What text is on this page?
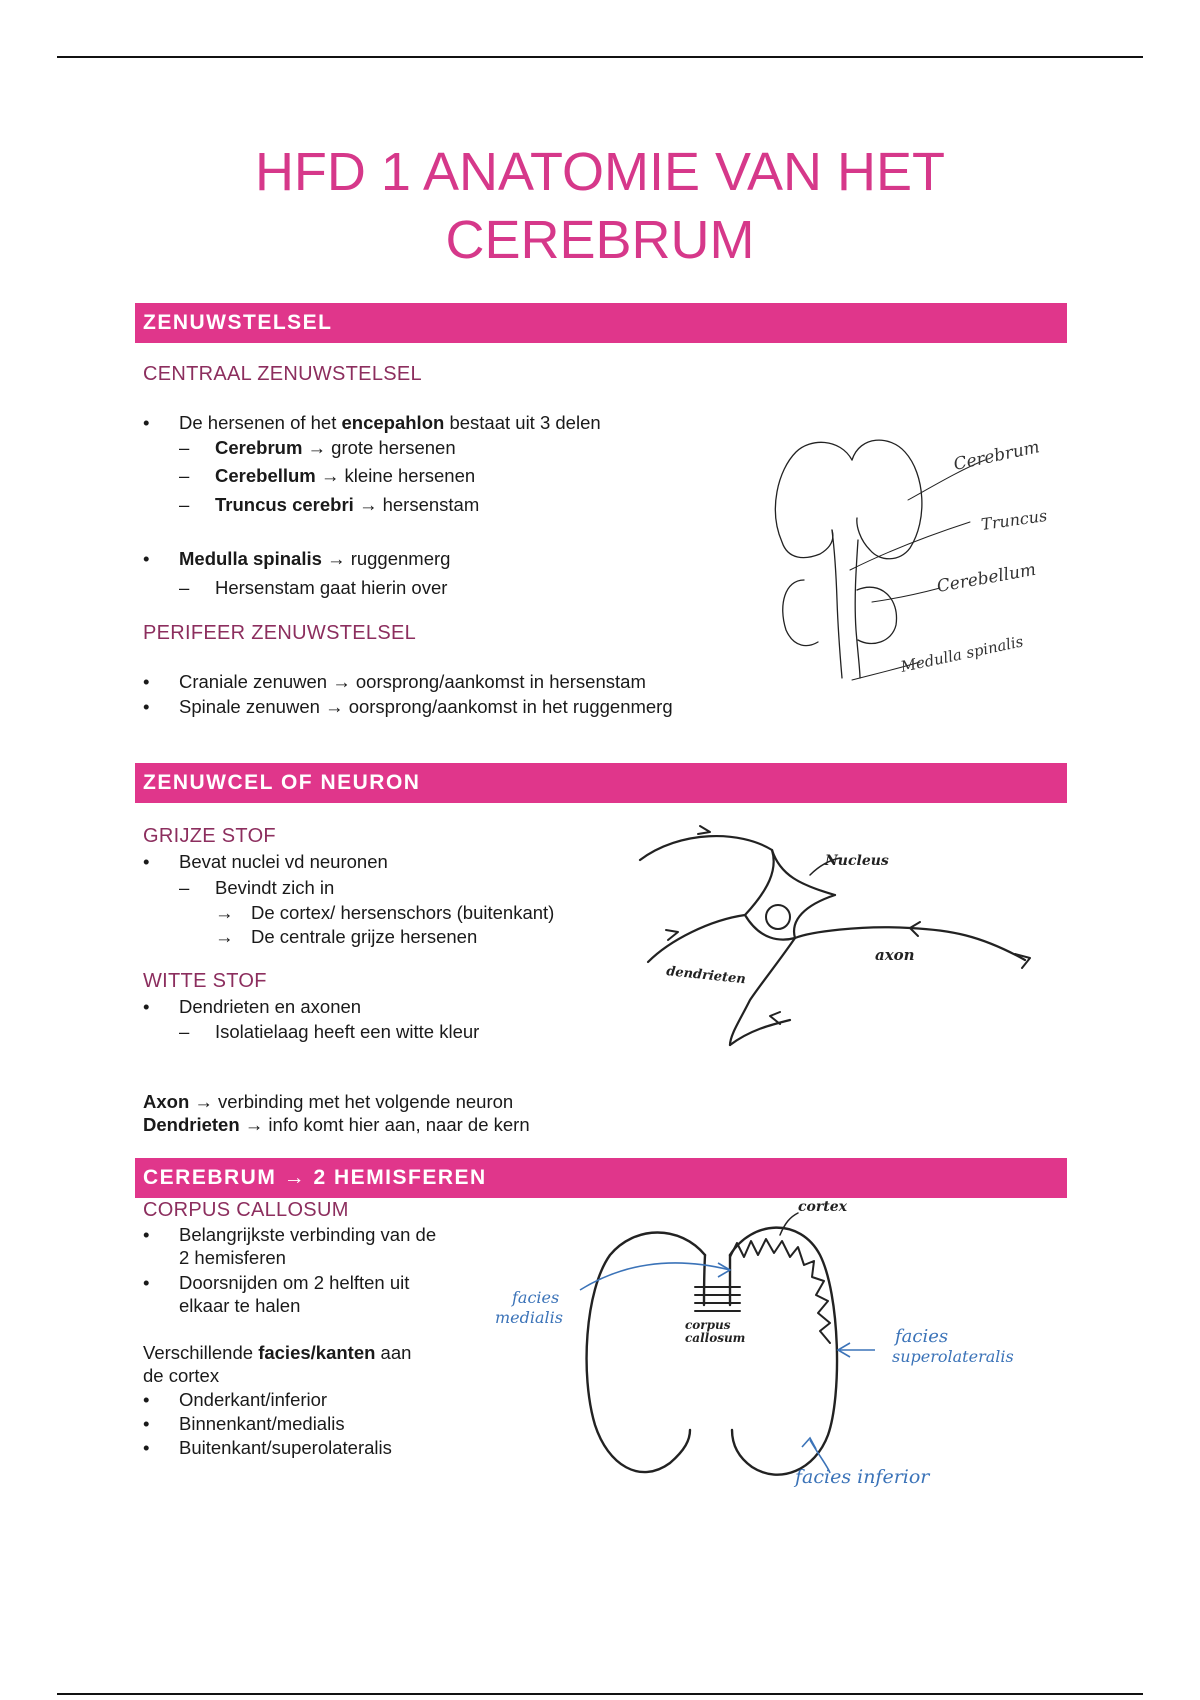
HFD 1 ANATOMIE VAN HET
CEREBRUM
ZENUWSTELSEL
CENTRAAL ZENUWSTELSEL
• De hersenen of het encepahlon bestaat uit 3 delen
– Cerebrum → grote hersenen
– Cerebellum → kleine hersenen
– Truncus cerebri → hersenstam
• Medulla spinalis → ruggenmerg
– Hersenstam gaat hierin over
PERIFEER ZENUWSTELSEL
• Craniale zenuwen → oorsprong/aankomst in hersenstam
• Spinale zenuwen → oorsprong/aankomst in het ruggenmerg
Cerebrum
Truncus
Cerebellum
Medulla spinalis
ZENUWCEL OF NEURON
GRIJZE STOF
• Bevat nuclei vd neuronen
– Bevindt zich in
→ De cortex/ hersenschors (buitenkant)
→ De centrale grijze hersenen
WITTE STOF
• Dendrieten en axonen
– Isolatielaag heeft een witte kleur
Axon → verbinding met het volgende neuron
Dendrieten → info komt hier aan, naar de kern
Nucleus
axon
dendrieten
CEREBRUM → 2 HEMISFEREN
CORPUS CALLOSUM
• Belangrijkste verbinding van de
2 hemisferen
• Doorsnijden om 2 helften uit
elkaar te halen
Verschillende facies/kanten aan
de cortex
• Onderkant/inferior
• Binnenkant/medialis
• Buitenkant/superolateralis
cortex
corpus
callosum
facies
medialis
facies
superolateralis
facies inferior
